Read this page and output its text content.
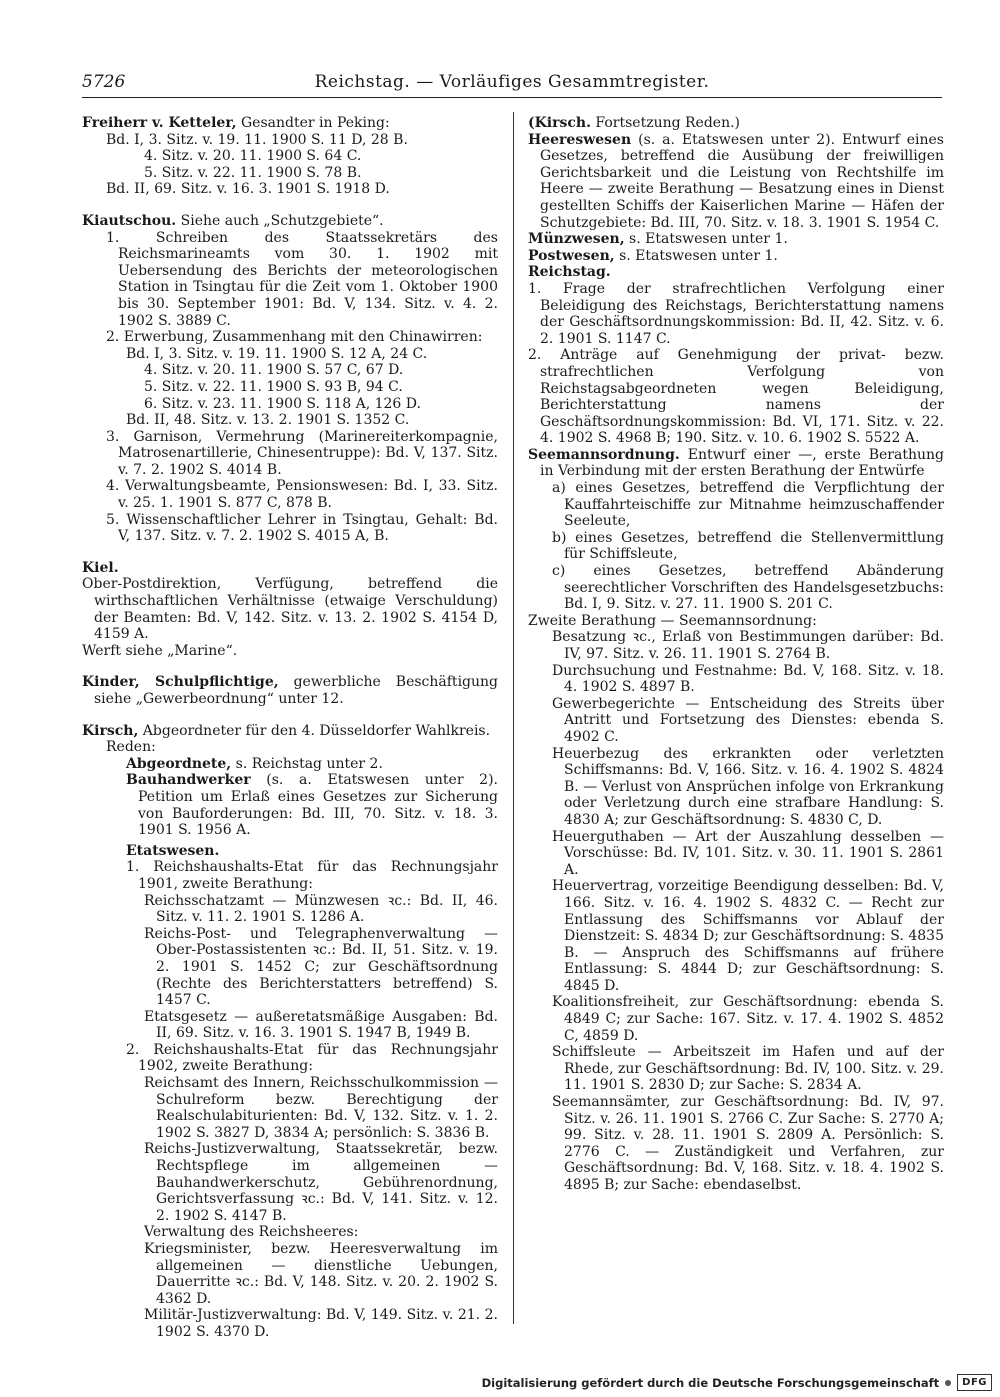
5726	Reichstag. — Vorläufiges Gesammtregister.

Freiherr v. Ketteler, Gesandter in Peking:

Bd. I, 3. Sitz. v. 19. 11. 1900 S. 11 D, 28 B.

4. Sitz. v. 20. 11. 1900 S. 64 C.

5. Sitz. v. 22. 11. 1900 S. 78 B.

Bd. II, 69. Sitz. v. 16. 3. 1901 S. 1918 D.

Kiautschou. Siehe auch „Schutzgebiete“.

1. Schreiben des Staatssekretärs des Reichsmarineamts vom 30. 1. 1902 mit Uebersendung des Berichts der meteorologischen Station in Tsingtau für die Zeit vom 1. Oktober 1900 bis 30. September 1901: Bd. V, 134. Sitz. v. 4. 2. 1902 S. 3889 C.

2. Erwerbung, Zusammenhang mit den Chinawirren:

Bd. I, 3. Sitz. v. 19. 11. 1900 S. 12 A, 24 C.

4. Sitz. v. 20. 11. 1900 S. 57 C, 67 D.

5. Sitz. v. 22. 11. 1900 S. 93 B, 94 C.

6. Sitz. v. 23. 11. 1900 S. 118 A, 126 D.

Bd. II, 48. Sitz. v. 13. 2. 1901 S. 1352 C.

3. Garnison, Vermehrung (Marinereiterkompagnie, Matrosenartillerie, Chinesentruppe): Bd. V, 137. Sitz. v. 7. 2. 1902 S. 4014 B.

4. Verwaltungsbeamte, Pensionswesen: Bd. I, 33. Sitz. v. 25. 1. 1901 S. 877 C, 878 B.

5. Wissenschaftlicher Lehrer in Tsingtau, Gehalt: Bd. V, 137. Sitz. v. 7. 2. 1902 S. 4015 A, B.

Kiel.

Ober-Postdirektion, Verfügung, betreffend die wirthschaftlichen Verhältnisse (etwaige Verschuldung) der Beamten: Bd. V, 142. Sitz. v. 13. 2. 1902 S. 4154 D, 4159 A.

Werft siehe „Marine“.

Kinder, Schulpflichtige, gewerbliche Beschäftigung siehe „Gewerbeordnung“ unter 12.

Kirsch, Abgeordneter für den 4. Düsseldorfer Wahlkreis.

Reden:

Abgeordnete, s. Reichstag unter 2.

Bauhandwerker (s. a. Etatswesen unter 2). Petition um Erlaß eines Gesetzes zur Sicherung von Bauforderungen: Bd. III, 70. Sitz. v. 18. 3. 1901 S. 1956 A.

Etatswesen.

1. Reichshaushalts-Etat für das Rechnungsjahr 1901, zweite Berathung:

Reichsschatzamt — Münzwesen ꝛc.: Bd. II, 46. Sitz. v. 11. 2. 1901 S. 1286 A.

Reichs-Post- und Telegraphenverwaltung — Ober-Postassistenten ꝛc.: Bd. II, 51. Sitz. v. 19. 2. 1901 S. 1452 C; zur Geschäftsordnung (Rechte des Berichterstatters betreffend) S. 1457 C.

Etatsgesetz — außeretatsmäßige Ausgaben: Bd. II, 69. Sitz. v. 16. 3. 1901 S. 1947 B, 1949 B.

2. Reichshaushalts-Etat für das Rechnungsjahr 1902, zweite Berathung:

Reichsamt des Innern, Reichsschulkommission — Schulreform bezw. Berechtigung der Realschulabiturienten: Bd. V, 132. Sitz. v. 1. 2. 1902 S. 3827 D, 3834 A; persönlich: S. 3836 B.

Reichs-Justizverwaltung, Staatssekretär, bezw. Rechtspflege im allgemeinen — Bauhandwerkerschutz, Gebührenordnung, Gerichtsverfassung ꝛc.: Bd. V, 141. Sitz. v. 12. 2. 1902 S. 4147 B.

Verwaltung des Reichsheeres:

Kriegsminister, bezw. Heeresverwaltung im allgemeinen — dienstliche Uebungen, Dauerritte ꝛc.: Bd. V, 148. Sitz. v. 20. 2. 1902 S. 4362 D.

Militär-Justizverwaltung: Bd. V, 149. Sitz. v. 21. 2. 1902 S. 4370 D.

(Kirsch. Fortsetzung Reden.)

Heereswesen (s. a. Etatswesen unter 2). Entwurf eines Gesetzes, betreffend die Ausübung der freiwilligen Gerichtsbarkeit und die Leistung von Rechtshilfe im Heere — zweite Berathung — Besatzung eines in Dienst gestellten Schiffs der Kaiserlichen Marine — Häfen der Schutzgebiete: Bd. III, 70. Sitz. v. 18. 3. 1901 S. 1954 C.

Münzwesen, s. Etatswesen unter 1.

Postwesen, s. Etatswesen unter 1.

Reichstag.

1. Frage der strafrechtlichen Verfolgung einer Beleidigung des Reichstags, Berichterstattung namens der Geschäftsordnungskommission: Bd. II, 42. Sitz. v. 6. 2. 1901 S. 1147 C.

2. Anträge auf Genehmigung der privat- bezw. strafrechtlichen Verfolgung von Reichstagsabgeordneten wegen Beleidigung, Berichterstattung namens der Geschäftsordnungskommission: Bd. VI, 171. Sitz. v. 22. 4. 1902 S. 4968 B; 190. Sitz. v. 10. 6. 1902 S. 5522 A.

Seemannsordnung. Entwurf einer —, erste Berathung in Verbindung mit der ersten Berathung der Entwürfe

a) eines Gesetzes, betreffend die Verpflichtung der Kauffahrteischiffe zur Mitnahme heimzuschaffender Seeleute,

b) eines Gesetzes, betreffend die Stellenvermittlung für Schiffsleute,

c) eines Gesetzes, betreffend Abänderung seerechtlicher Vorschriften des Handelsgesetzbuchs: Bd. I, 9. Sitz. v. 27. 11. 1900 S. 201 C.

Zweite Berathung — Seemannsordnung:

Besatzung ꝛc., Erlaß von Bestimmungen darüber: Bd. IV, 97. Sitz. v. 26. 11. 1901 S. 2764 B.

Durchsuchung und Festnahme: Bd. V, 168. Sitz. v. 18. 4. 1902 S. 4897 B.

Gewerbegerichte — Entscheidung des Streits über Antritt und Fortsetzung des Dienstes: ebenda S. 4902 C.

Heuerbezug des erkrankten oder verletzten Schiffsmanns: Bd. V, 166. Sitz. v. 16. 4. 1902 S. 4824 B. — Verlust von Ansprüchen infolge von Erkrankung oder Verletzung durch eine strafbare Handlung: S. 4830 A; zur Geschäftsordnung: S. 4830 C, D.

Heuerguthaben — Art der Auszahlung desselben — Vorschüsse: Bd. IV, 101. Sitz. v. 30. 11. 1901 S. 2861 A.

Heuervertrag, vorzeitige Beendigung desselben: Bd. V, 166. Sitz. v. 16. 4. 1902 S. 4832 C. — Recht zur Entlassung des Schiffsmanns vor Ablauf der Dienstzeit: S. 4834 D; zur Geschäftsordnung: S. 4835 B. — Anspruch des Schiffsmanns auf frühere Entlassung: S. 4844 D; zur Geschäftsordnung: S. 4845 D.

Koalitionsfreiheit, zur Geschäftsordnung: ebenda S. 4849 C; zur Sache: 167. Sitz. v. 17. 4. 1902 S. 4852 C, 4859 D.

Schiffsleute — Arbeitszeit im Hafen und auf der Rhede, zur Geschäftsordnung: Bd. IV, 100. Sitz. v. 29. 11. 1901 S. 2830 D; zur Sache: S. 2834 A.

Seemannsämter, zur Geschäftsordnung: Bd. IV, 97. Sitz. v. 26. 11. 1901 S. 2766 C. Zur Sache: S. 2770 A; 99. Sitz. v. 28. 11. 1901 S. 2809 A. Persönlich: S. 2776 C. — Zuständigkeit und Verfahren, zur Geschäftsordnung: Bd. V, 168. Sitz. v. 18. 4. 1902 S. 4895 B; zur Sache: ebendaselbst.

Digitalisierung gefördert durch die Deutsche Forschungsgemeinschaft	DFG
